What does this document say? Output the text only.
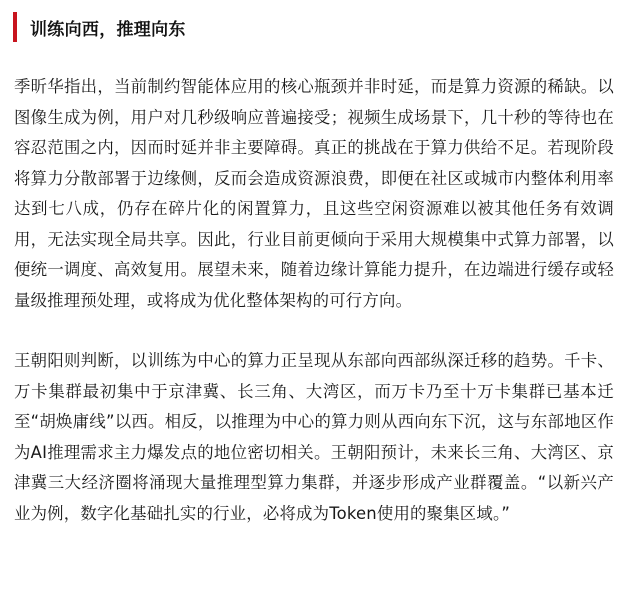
训练向西，推理向东

季昕华指出，当前制约智能体应用的核心瓶颈并非时延，而是算力资源的稀缺。以图像生成为例，用户对几秒级响应普遍接受；视频生成场景下，几十秒的等待也在容忍范围之内，因而时延并非主要障碍。真正的挑战在于算力供给不足。若现阶段将算力分散部署于边缘侧，反而会造成资源浪费，即便在社区或城市内整体利用率达到七八成，仍存在碎片化的闲置算力，且这些空闲资源难以被其他任务有效调用，无法实现全局共享。因此，行业目前更倾向于采用大规模集中式算力部署，以便统一调度、高效复用。展望未来，随着边缘计算能力提升，在边端进行缓存或轻量级推理预处理，或将成为优化整体架构的可行方向。

王朝阳则判断，以训练为中心的算力正呈现从东部向西部纵深迁移的趋势。千卡、万卡集群最初集中于京津冀、长三角、大湾区，而万卡乃至十万卡集群已基本迁至“胡焕庸线”以西。相反，以推理为中心的算力则从西向东下沉，这与东部地区作为AI推理需求主力爆发点的地位密切相关。王朝阳预计，未来长三角、大湾区、京津冀三大经济圈将涌现大量推理型算力集群，并逐步形成产业群覆盖。“以新兴产业为例，数字化基础扎实的行业，必将成为Token使用的聚集区域。”
